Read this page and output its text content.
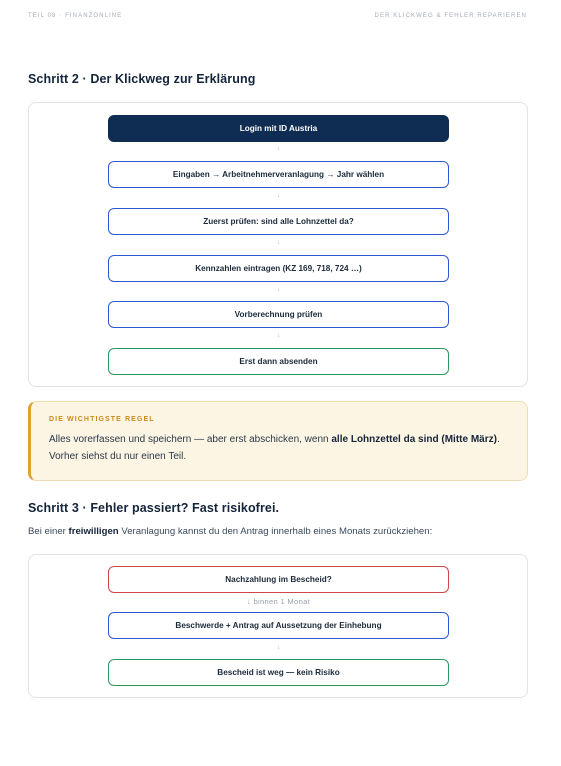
TEIL 08 · FINANZONLINE	DER KLICKWEG & FEHLER REPARIEREN
Schritt 2 · Der Klickweg zur Erklärung
Login mit ID Austria
↓
Eingaben → Arbeitnehmerveranlagung → Jahr wählen
↓
Zuerst prüfen: sind alle Lohnzettel da?
↓
Kennzahlen eintragen (KZ 169, 718, 724 …)
↓
Vorberechnung prüfen
↓
Erst dann absenden
DIE WICHTIGSTE REGEL

Alles vorerfassen und speichern — aber erst abschicken, wenn alle Lohnzettel da sind (Mitte März). Vorher siehst du nur einen Teil.

Schritt 3 · Fehler passiert? Fast risikofrei.

Bei einer freiwilligen Veranlagung kannst du den Antrag innerhalb eines Monats zurückziehen:

Nachzahlung im Bescheid?
↓ binnen 1 Monat
Beschwerde + Antrag auf Aussetzung der Einhebung
↓
Bescheid ist weg — kein Risiko
